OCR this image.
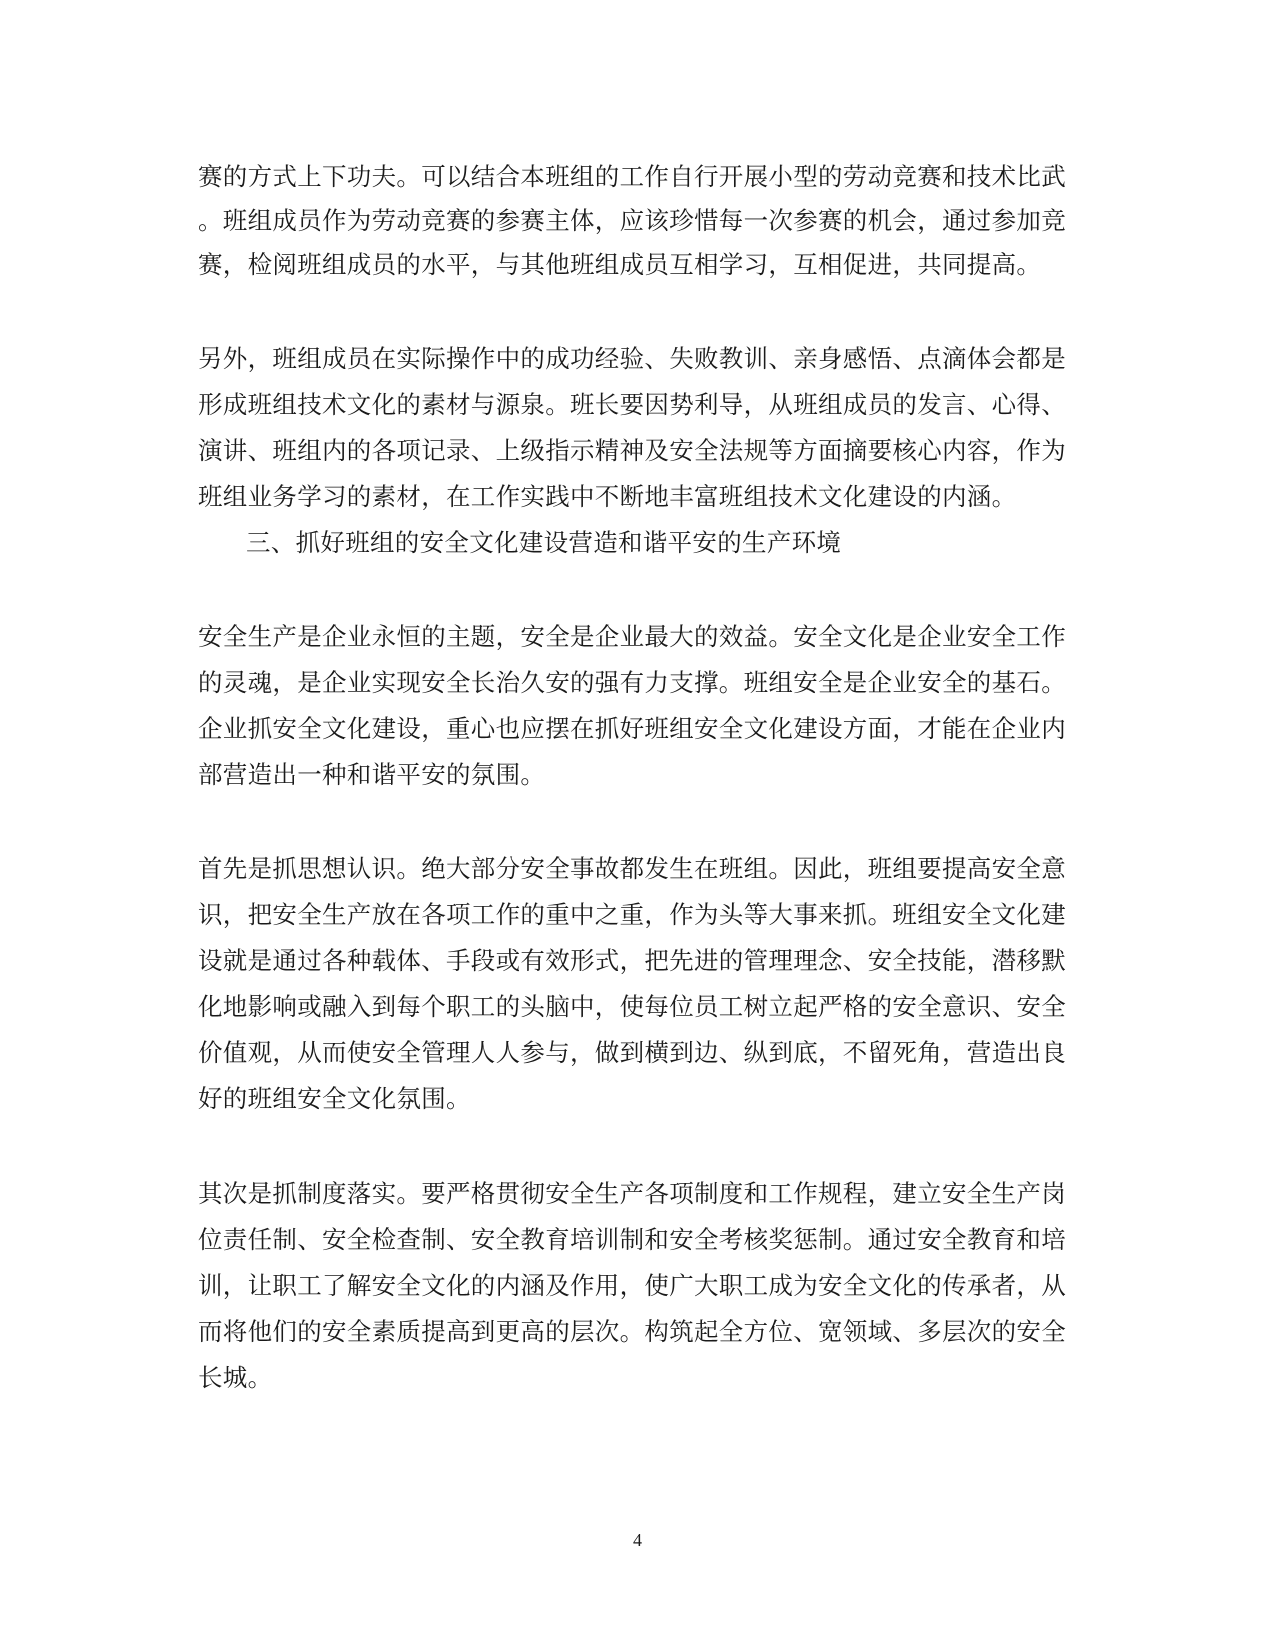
赛的方式上下功夫。可以结合本班组的工作自行开展小型的劳动竞赛和技术比武
。班组成员作为劳动竞赛的参赛主体，应该珍惜每一次参赛的机会，通过参加竞
赛，检阅班组成员的水平，与其他班组成员互相学习，互相促进，共同提高。
另外，班组成员在实际操作中的成功经验、失败教训、亲身感悟、点滴体会都是
形成班组技术文化的素材与源泉。班长要因势利导，从班组成员的发言、心得、
演讲、班组内的各项记录、上级指示精神及安全法规等方面摘要核心内容，作为
班组业务学习的素材，在工作实践中不断地丰富班组技术文化建设的内涵。
三、抓好班组的安全文化建设营造和谐平安的生产环境
安全生产是企业永恒的主题，安全是企业最大的效益。安全文化是企业安全工作
的灵魂，是企业实现安全长治久安的强有力支撑。班组安全是企业安全的基石。
企业抓安全文化建设，重心也应摆在抓好班组安全文化建设方面，才能在企业内
部营造出一种和谐平安的氛围。
首先是抓思想认识。绝大部分安全事故都发生在班组。因此，班组要提高安全意
识，把安全生产放在各项工作的重中之重，作为头等大事来抓。班组安全文化建
设就是通过各种载体、手段或有效形式，把先进的管理理念、安全技能，潜移默
化地影响或融入到每个职工的头脑中，使每位员工树立起严格的安全意识、安全
价值观，从而使安全管理人人参与，做到横到边、纵到底，不留死角，营造出良
好的班组安全文化氛围。
其次是抓制度落实。要严格贯彻安全生产各项制度和工作规程，建立安全生产岗
位责任制、安全检查制、安全教育培训制和安全考核奖惩制。通过安全教育和培
训，让职工了解安全文化的内涵及作用，使广大职工成为安全文化的传承者，从
而将他们的安全素质提高到更高的层次。构筑起全方位、宽领域、多层次的安全
长城。
4
